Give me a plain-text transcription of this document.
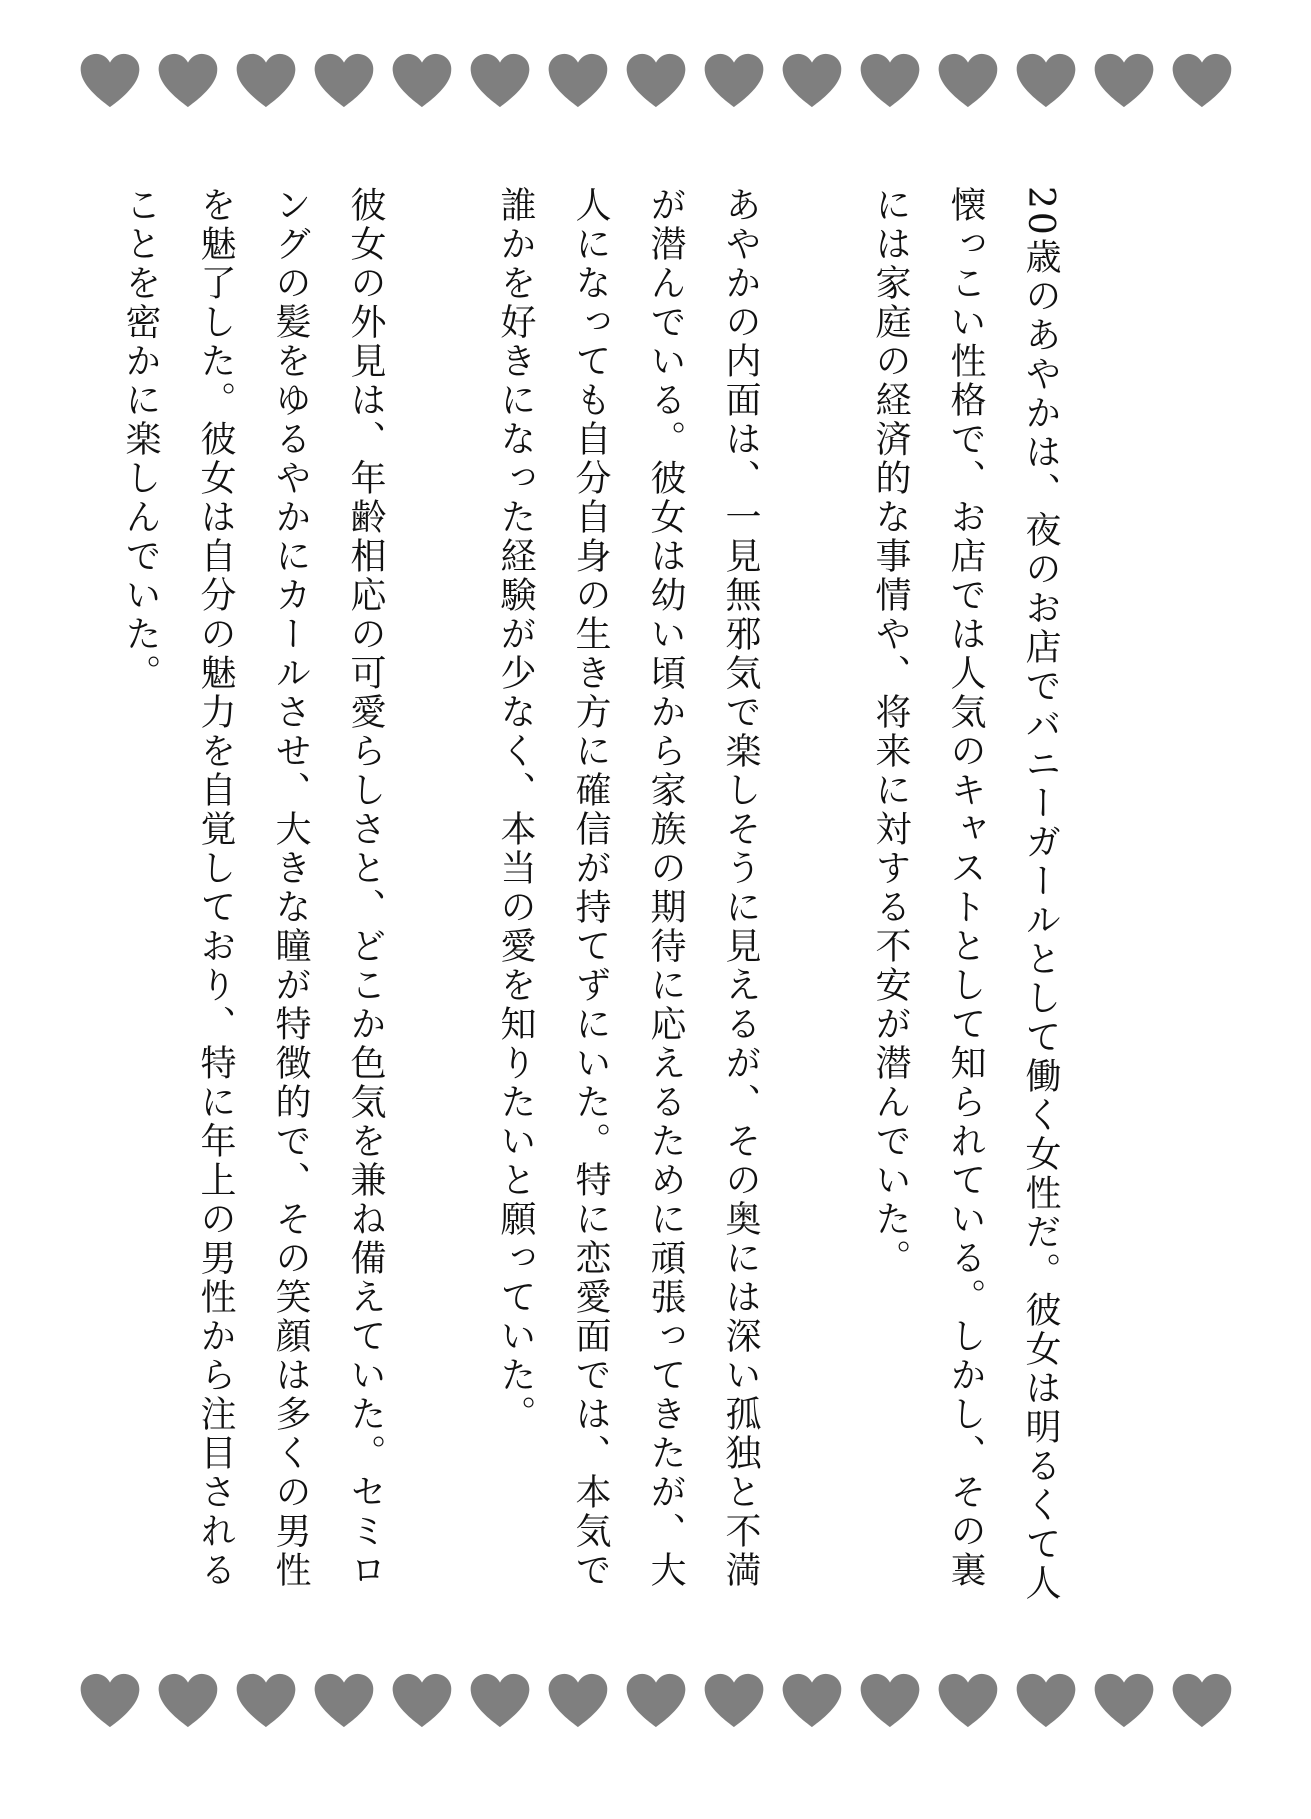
20歳のあやかは、夜のお店でバニーガールとして働く女性だ。彼女は明るくて人懐っこい性格で、お店では人気のキャストとして知られている。しかし、その裏には家庭の経済的な事情や、将来に対する不安が潜んでいた。

あやかの内面は、一見無邪気で楽しそうに見えるが、その奥には深い孤独と不満が潜んでいる。彼女は幼い頃から家族の期待に応えるために頑張ってきたが、大人になっても自分自身の生き方に確信が持てずにいた。特に恋愛面では、本気で誰かを好きになった経験が少なく、本当の愛を知りたいと願っていた。

彼女の外見は、年齢相応の可愛らしさと、どこか色気を兼ね備えていた。セミロングの髪をゆるやかにカールさせ、大きな瞳が特徴的で、その笑顔は多くの男性を魅了した。彼女は自分の魅力を自覚しており、特に年上の男性から注目されることを密かに楽しんでいた。
